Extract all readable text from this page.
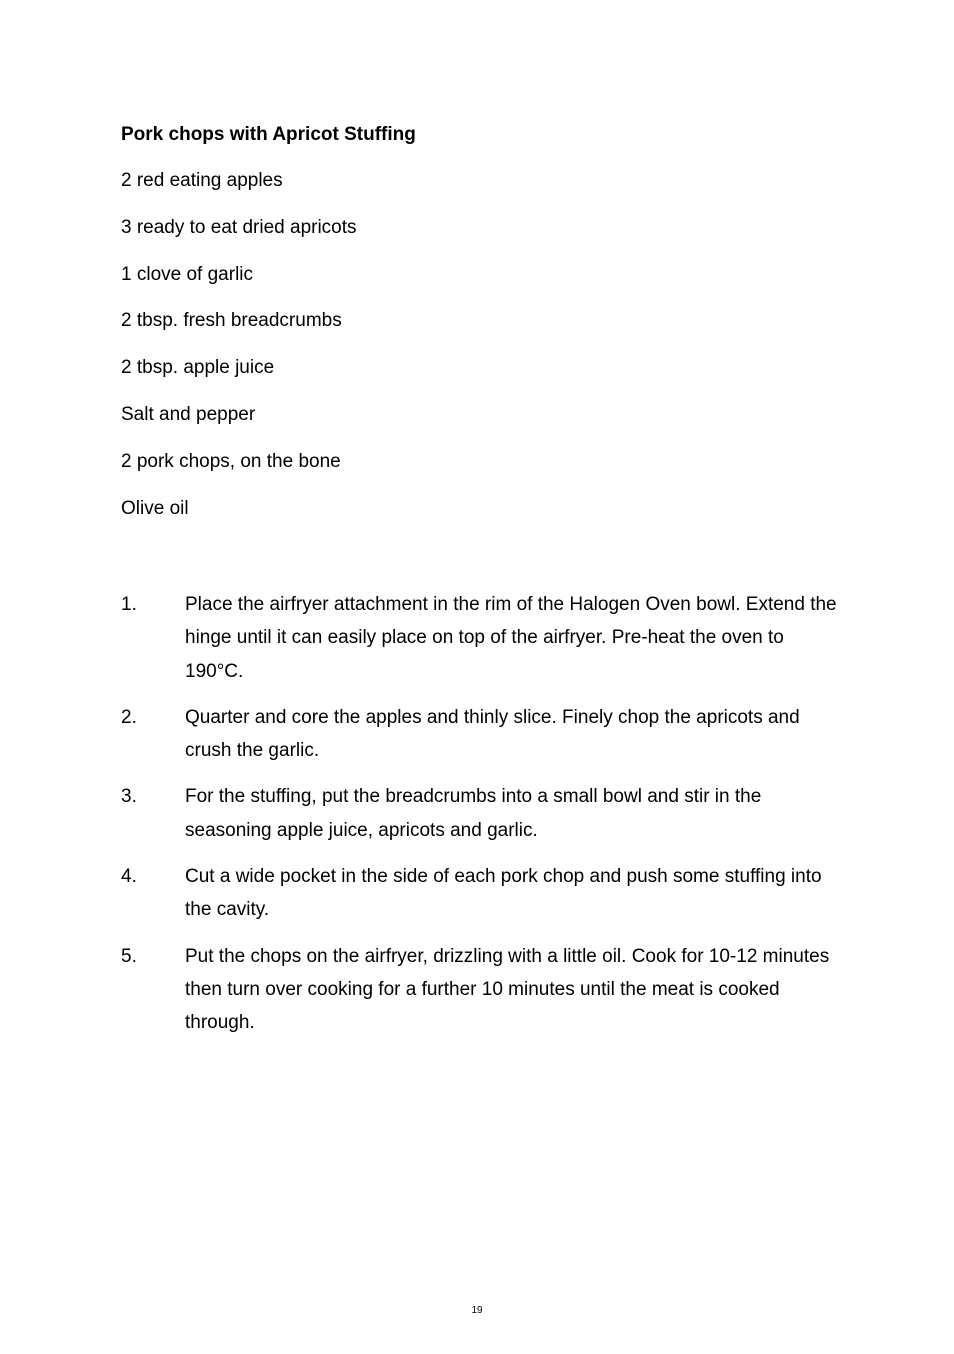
Pork chops with Apricot Stuffing
2 red eating apples
3 ready to eat dried apricots
1 clove of garlic
2 tbsp. fresh breadcrumbs
2 tbsp. apple juice
Salt and pepper
2 pork chops, on the bone
Olive oil
1.	Place the airfryer attachment in the rim of the Halogen Oven bowl. Extend the hinge until it can easily place on top of the airfryer. Pre-heat the oven to 190°C.
2.	Quarter and core the apples and thinly slice. Finely chop the apricots and crush the garlic.
3.	For the stuffing, put the breadcrumbs into a small bowl and stir in the seasoning apple juice, apricots and garlic.
4.	Cut a wide pocket in the side of each pork chop and push some stuffing into the cavity.
5.	Put the chops on the airfryer, drizzling with a little oil. Cook for 10-12 minutes then turn over cooking for a further 10 minutes until the meat is cooked through.
19
